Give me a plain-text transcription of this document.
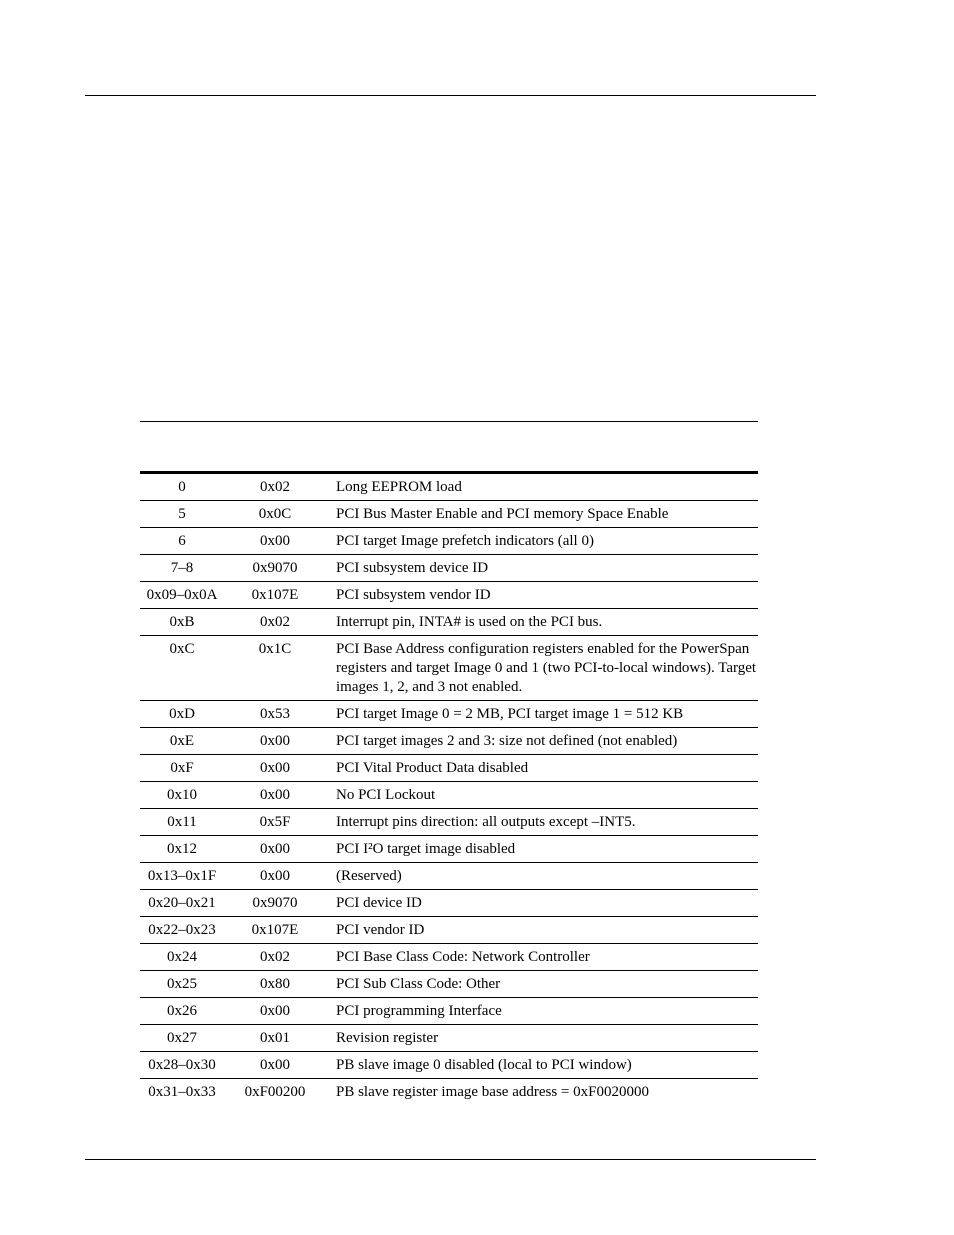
0	0x02	Long EEPROM load
5	0x0C	PCI Bus Master Enable and PCI memory Space Enable
6	0x00	PCI target Image prefetch indicators (all 0)
7–8	0x9070	PCI subsystem device ID
0x09–0x0A	0x107E	PCI subsystem vendor ID
0xB	0x02	Interrupt pin, INTA# is used on the PCI bus.
0xC	0x1C	PCI Base Address configuration registers enabled for the PowerSpan registers and target Image 0 and 1 (two PCI-to-local windows). Target images 1, 2, and 3 not enabled.
0xD	0x53	PCI target Image 0 = 2 MB, PCI target image 1 = 512 KB
0xE	0x00	PCI target images 2 and 3: size not defined (not enabled)
0xF	0x00	PCI Vital Product Data disabled
0x10	0x00	No PCI Lockout
0x11	0x5F	Interrupt pins direction: all outputs except –INT5.
0x12	0x00	PCI I²O target image disabled
0x13–0x1F	0x00	(Reserved)
0x20–0x21	0x9070	PCI device ID
0x22–0x23	0x107E	PCI vendor ID
0x24	0x02	PCI Base Class Code: Network Controller
0x25	0x80	PCI Sub Class Code: Other
0x26	0x00	PCI programming Interface
0x27	0x01	Revision register
0x28–0x30	0x00	PB slave image 0 disabled (local to PCI window)
0x31–0x33	0xF00200	PB slave register image base address = 0xF0020000
